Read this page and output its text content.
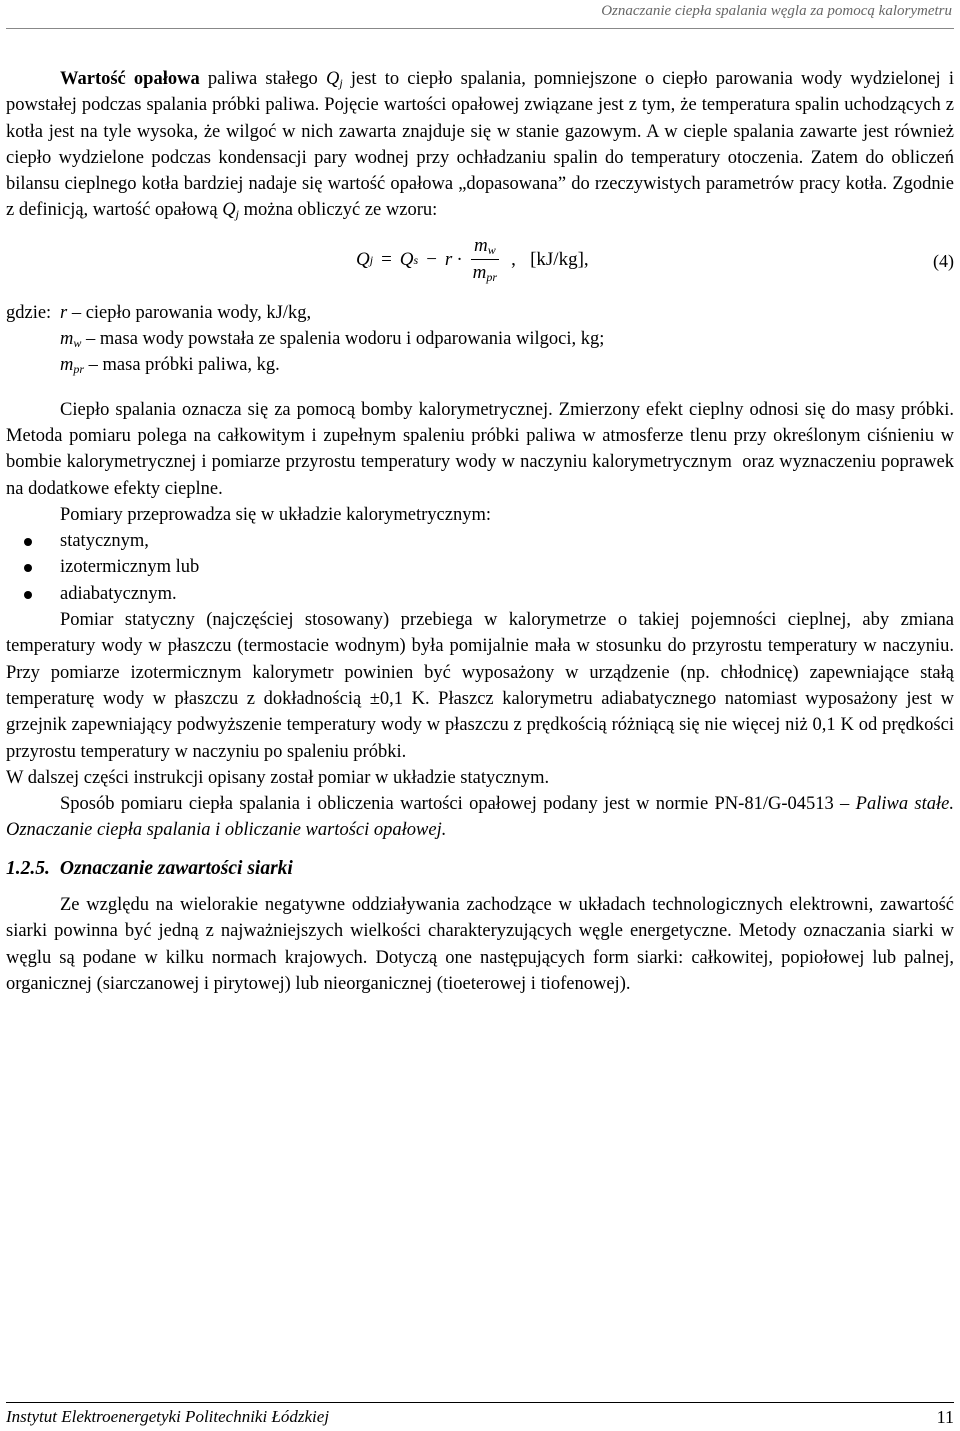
Oznaczanie ciepła spalania węgla za pomocą kalorymetru

Wartość opałowa paliwa stałego $Q_j$ jest to ciepło spalania, pomniejszone o ciepło parowania wody wydzielonej i powstałej podczas spalania próbki paliwa. Pojęcie wartości opałowej związane jest z tym, że temperatura spalin uchodzących z kotła jest na tyle wysoka, że wilgoć w nich zawarta znajduje się w stanie gazowym. A w cieple spalania zawarte jest również ciepło wydzielone podczas kondensacji pary wodnej przy ochładzaniu spalin do temperatury otoczenia. Zatem do obliczeń bilansu cieplnego kotła bardziej nadaje się wartość opałowa „dopasowana” do rzeczywistych parametrów pracy kotła. Zgodnie z definicją, wartość opałową $Q_j$ można obliczyć ze wzoru:

Q j = Q $s - r \cdot \frac{m_w}{m_{pr}}$ ,   [kJ/kg],	(4)
gdzie: r – ciepło parowania wody, kJ/kg,
$m_w$ – masa wody powstała ze spalenia wodoru i odparowania wilgoci, kg;
$m_{pr}$ – masa próbki paliwa, kg.

Ciepło spalania oznacza się za pomocą bomby kalorymetrycznej. Zmierzony efekt cieplny odnosi się do masy próbki. Metoda pomiaru polega na całkowitym i zupełnym spaleniu próbki paliwa w atmosferze tlenu przy określonym ciśnieniu w bombie kalorymetrycznej i pomiarze przyrostu temperatury wody w naczyniu kalorymetrycznym  oraz wyznaczeniu poprawek na dodatkowe efekty cieplne.

Pomiary przeprowadza się w układzie kalorymetrycznym:

statycznym,
izotermicznym lub
adiabatycznym.

Pomiar statyczny (najczęściej stosowany) przebiega w kalorymetrze o takiej pojemności cieplnej, aby zmiana temperatury wody w płaszczu (termostacie wodnym) była pomijalnie mała w stosunku do przyrostu temperatury w naczyniu. Przy pomiarze izotermicznym kalorymetr powinien być wyposażony w urządzenie (np. chłodnicę) zapewniające stałą temperaturę wody w płaszczu z dokładnością ±0,1 K. Płaszcz kalorymetru adiabatycznego natomiast wyposażony jest w grzejnik zapewniający podwyższenie temperatury wody w płaszczu z prędkością różniącą się nie więcej niż 0,1 K od prędkości przyrostu temperatury w naczyniu po spaleniu próbki.

W dalszej części instrukcji opisany został pomiar w układzie statycznym.

Sposób pomiaru ciepła spalania i obliczenia wartości opałowej podany jest w normie PN-81/G-04513 – Paliwa stałe. Oznaczanie ciepła spalania i obliczanie wartości opałowej.

1.2.5. Oznaczanie zawartości siarki

Ze względu na wielorakie negatywne oddziaływania zachodzące w układach technologicznych elektrowni, zawartość siarki powinna być jedną z najważniejszych wielkości charakteryzujących węgle energetyczne. Metody oznaczania siarki w węglu są podane w kilku normach krajowych. Dotyczą one następujących form siarki: całkowitej, popiołowej lub palnej, organicznej (siarczanowej i pirytowej) lub nieorganicznej (tioeterowej i tiofenowej).

Instytut Elektroenergetyki Politechniki Łódzkiej	11
